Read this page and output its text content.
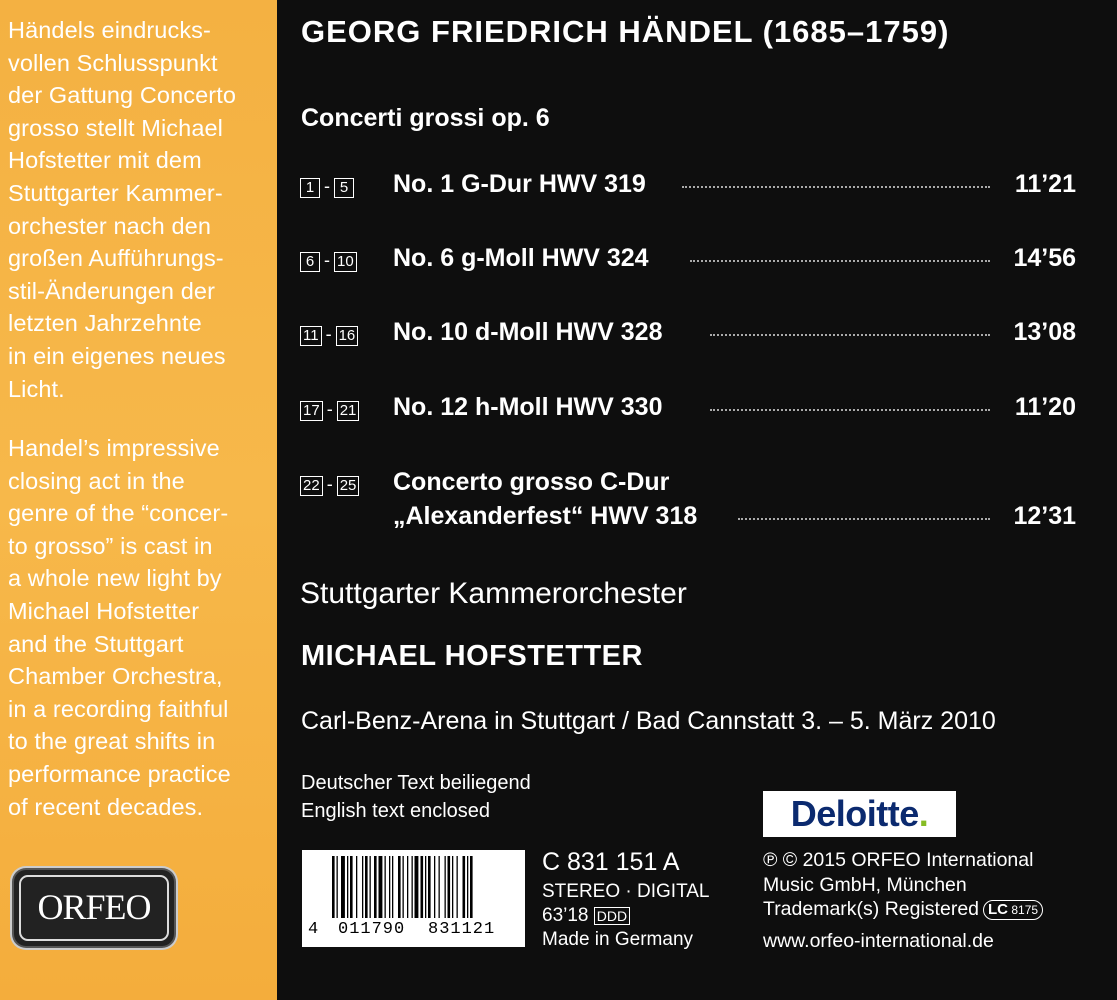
Händels eindrucks-
vollen Schlusspunkt
der Gattung Concerto
grosso stellt Michael
Hofstetter mit dem
Stuttgarter Kammer-
orchester nach den
großen Aufführungs-
stil-Änderungen der
letzten Jahrzehnte
in ein eigenes neues
Licht.

Handel’s impressive
closing act in the
genre of the “concer-
to grosso” is cast in
a whole new light by
Michael Hofstetter
and the Stuttgart
Chamber Orchestra,
in a recording faithful
to the great shifts in
performance practice
of recent decades.

ORFEO
GEORG FRIEDRICH HÄNDEL (1685–1759)
Concerti grossi op. 6
1 - 5 No. 1 G-Dur HWV 319	11’21
6 - 10 No. 6 g-Moll HWV 324	14’56
11 - 16 No. 10 d-Moll HWV 328	13’08
17 - 21 No. 12 h-Moll HWV 330	11’20
22 - 25 Concerto grosso C-Dur
„Alexanderfest“ HWV 318	12’31
Stuttgarter Kammerorchester
MICHAEL HOFSTETTER
Carl-Benz-Arena in Stuttgart / Bad Cannstatt 3. – 5. März 2010
Deutscher Text beiliegend
English text enclosed
4 011790 831121
C 831 151 A
STEREO · DIGITAL
63’18 DDD
Made in Germany
Deloitte.
℗ © 2015 ORFEO International
Music GmbH, München
Trademark(s) Registered LC 8175
www.orfeo-international.de
